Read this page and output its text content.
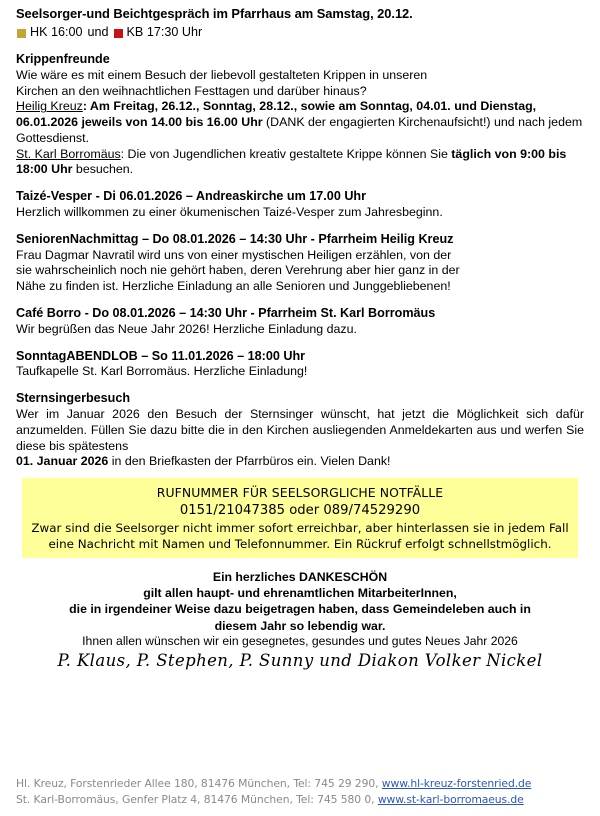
Seelsorger-und Beichtgespräch im Pfarrhaus am Samstag, 20.12.
HK 16:00 und KB 17:30 Uhr
Krippenfreunde
Wie wäre es mit einem Besuch der liebevoll gestalteten Krippen in unseren
Kirchen an den weihnachtlichen Festtagen und darüber hinaus?
Heilig Kreuz: Am Freitag, 26.12., Sonntag, 28.12., sowie am Sonntag, 04.01. und Dienstag, 06.01.2026 jeweils von 14.00 bis 16.00 Uhr (DANK der engagierten Kirchenaufsicht!) und nach jedem Gottesdienst.
St. Karl Borromäus: Die von Jugendlichen kreativ gestaltete Krippe können Sie täglich von 9:00 bis 18:00 Uhr besuchen.
Taizé-Vesper - Di 06.01.2026 – Andreaskirche um 17.00 Uhr
Herzlich willkommen zu einer ökumenischen Taizé-Vesper zum Jahresbeginn.
SeniorenNachmittag – Do 08.01.2026 – 14:30 Uhr - Pfarrheim Heilig Kreuz
Frau Dagmar Navratil wird uns von einer mystischen Heiligen erzählen, von der
sie wahrscheinlich noch nie gehört haben, deren Verehrung aber hier ganz in der
Nähe zu finden ist. Herzliche Einladung an alle Senioren und Junggebliebenen!
Café Borro - Do 08.01.2026 – 14:30 Uhr - Pfarrheim St. Karl Borromäus
Wir begrüßen das Neue Jahr 2026! Herzliche Einladung dazu.
SonntagABENDLOB – So 11.01.2026 – 18:00 Uhr
Taufkapelle St. Karl Borromäus. Herzliche Einladung!
Sternsingerbesuch
Wer im Januar 2026 den Besuch der Sternsinger wünscht, hat jetzt die Möglichkeit sich dafür anzumelden. Füllen Sie dazu bitte die in den Kirchen ausliegenden Anmeldekarten aus und werfen Sie diese bis spätestens
01. Januar 2026 in den Briefkasten der Pfarrbüros ein. Vielen Dank!
RUFNUMMER FÜR SEELSORGLICHE NOTFÄLLE
0151/21047385 oder 089/74529290
Zwar sind die Seelsorger nicht immer sofort erreichbar, aber hinterlassen sie in jedem Fall
eine Nachricht mit Namen und Telefonnummer. Ein Rückruf erfolgt schnellstmöglich.
Ein herzliches DANKESCHÖN
gilt allen haupt- und ehrenamtlichen MitarbeiterInnen,
die in irgendeiner Weise dazu beigetragen haben, dass Gemeindeleben auch in
diesem Jahr so lebendig war.
Ihnen allen wünschen wir ein gesegnetes, gesundes und gutes Neues Jahr 2026
P. Klaus, P. Stephen, P. Sunny und Diakon Volker Nickel
Hl. Kreuz, Forstenrieder Allee 180, 81476 München, Tel: 745 29 290, www.hl-kreuz-forstenried.de
St. Karl-Borromäus, Genfer Platz 4, 81476 München, Tel: 745 580 0, www.st-karl-borromaeus.de
